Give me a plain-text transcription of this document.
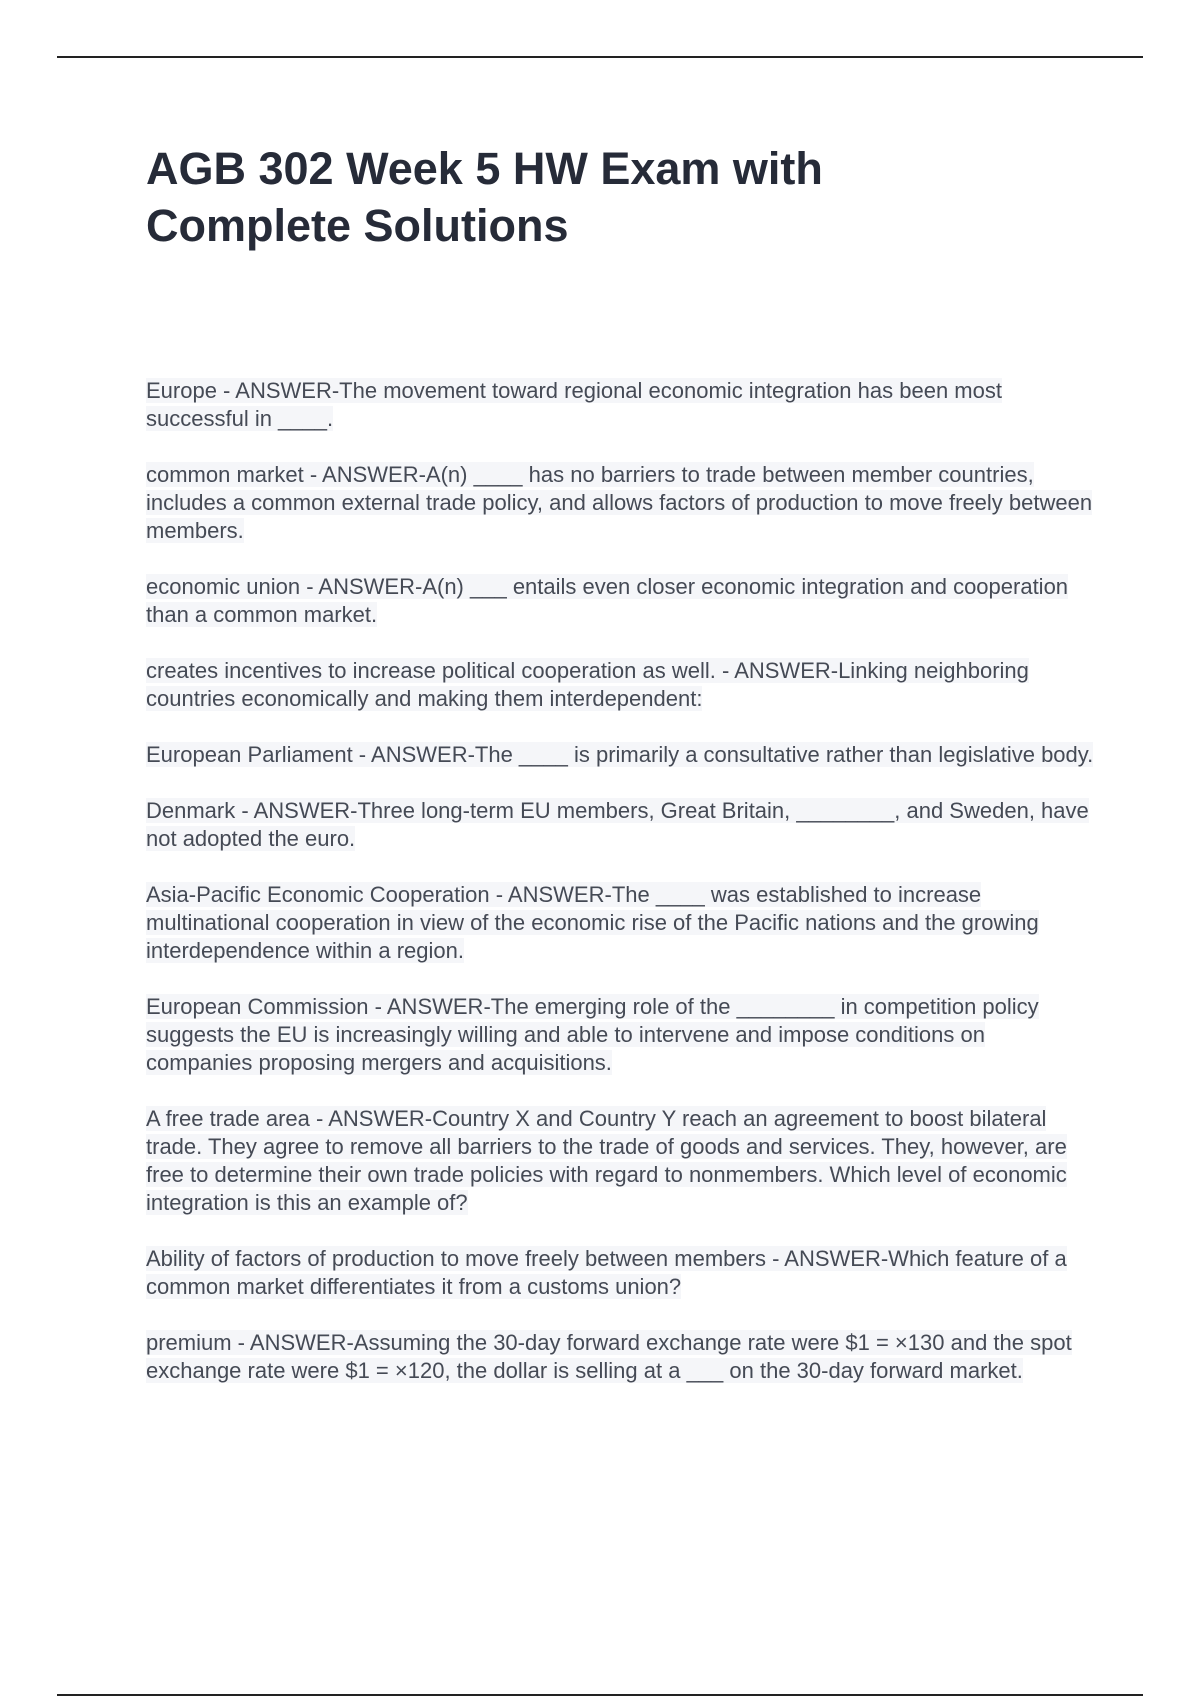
AGB 302 Week 5 HW Exam with
Complete Solutions

Europe - ANSWER-The movement toward regional economic integration has been most successful in ____.

common market - ANSWER-A(n) ____ has no barriers to trade between member countries, includes a common external trade policy, and allows factors of production to move freely between members.

economic union - ANSWER-A(n) ___ entails even closer economic integration and cooperation than a common market.

creates incentives to increase political cooperation as well. - ANSWER-Linking neighboring countries economically and making them interdependent:

European Parliament - ANSWER-The ____ is primarily a consultative rather than legislative body.

Denmark - ANSWER-Three long-term EU members, Great Britain, ________, and Sweden, have not adopted the euro.

Asia-Pacific Economic Cooperation - ANSWER-The ____ was established to increase multinational cooperation in view of the economic rise of the Pacific nations and the growing interdependence within a region.

European Commission - ANSWER-The emerging role of the ________ in competition policy suggests the EU is increasingly willing and able to intervene and impose conditions on companies proposing mergers and acquisitions.

A free trade area - ANSWER-Country X and Country Y reach an agreement to boost bilateral trade. They agree to remove all barriers to the trade of goods and services. They, however, are free to determine their own trade policies with regard to nonmembers. Which level of economic integration is this an example of?

Ability of factors of production to move freely between members - ANSWER-Which feature of a common market differentiates it from a customs union?

premium - ANSWER-Assuming the 30-day forward exchange rate were $1 = ×130 and the spot exchange rate were $1 = ×120, the dollar is selling at a ___ on the 30-day forward market.
